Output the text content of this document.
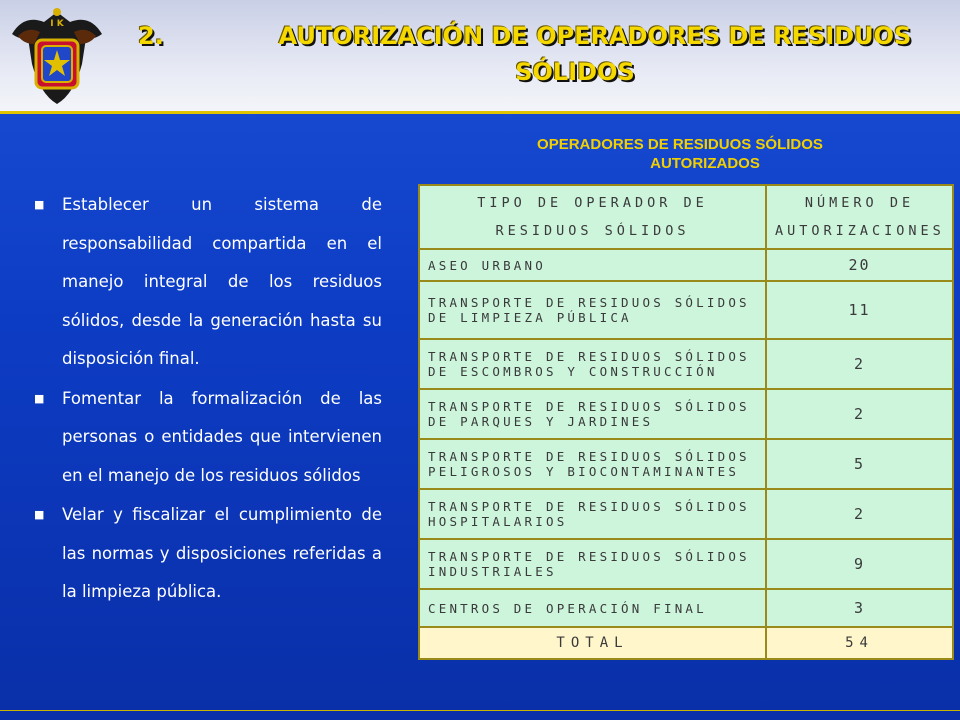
I K	2.	AUTORIZACIÓN DE OPERADORES DE RESIDUOS
SÓLIDOS
■ Establecer un sistema de responsabilidad compartida en el manejo integral de los residuos sólidos, desde la generación hasta su disposición final.
■ Fomentar la formalización de las personas o entidades que intervienen en el manejo de los residuos sólidos
■ Velar y fiscalizar el cumplimiento de las normas y disposiciones referidas a la limpieza pública.
OPERADORES DE RESIDUOS SÓLIDOS
AUTORIZADOS
TIPO DE OPERADOR DE RESIDUOS SÓLIDOS	NÚMERO DE AUTORIZACIONES
ASEO URBANO	20
TRANSPORTE DE RESIDUOS SÓLIDOS DE LIMPIEZA PÚBLICA	11
TRANSPORTE DE RESIDUOS SÓLIDOS DE ESCOMBROS Y CONSTRUCCIÓN	2
TRANSPORTE DE RESIDUOS SÓLIDOS DE PARQUES Y JARDINES	2
TRANSPORTE DE RESIDUOS SÓLIDOS PELIGROSOS Y BIOCONTAMINANTES	5
TRANSPORTE DE RESIDUOS SÓLIDOS HOSPITALARIOS	2
TRANSPORTE DE RESIDUOS SÓLIDOS INDUSTRIALES	9
CENTROS DE OPERACIÓN FINAL	3
TOTAL	54
